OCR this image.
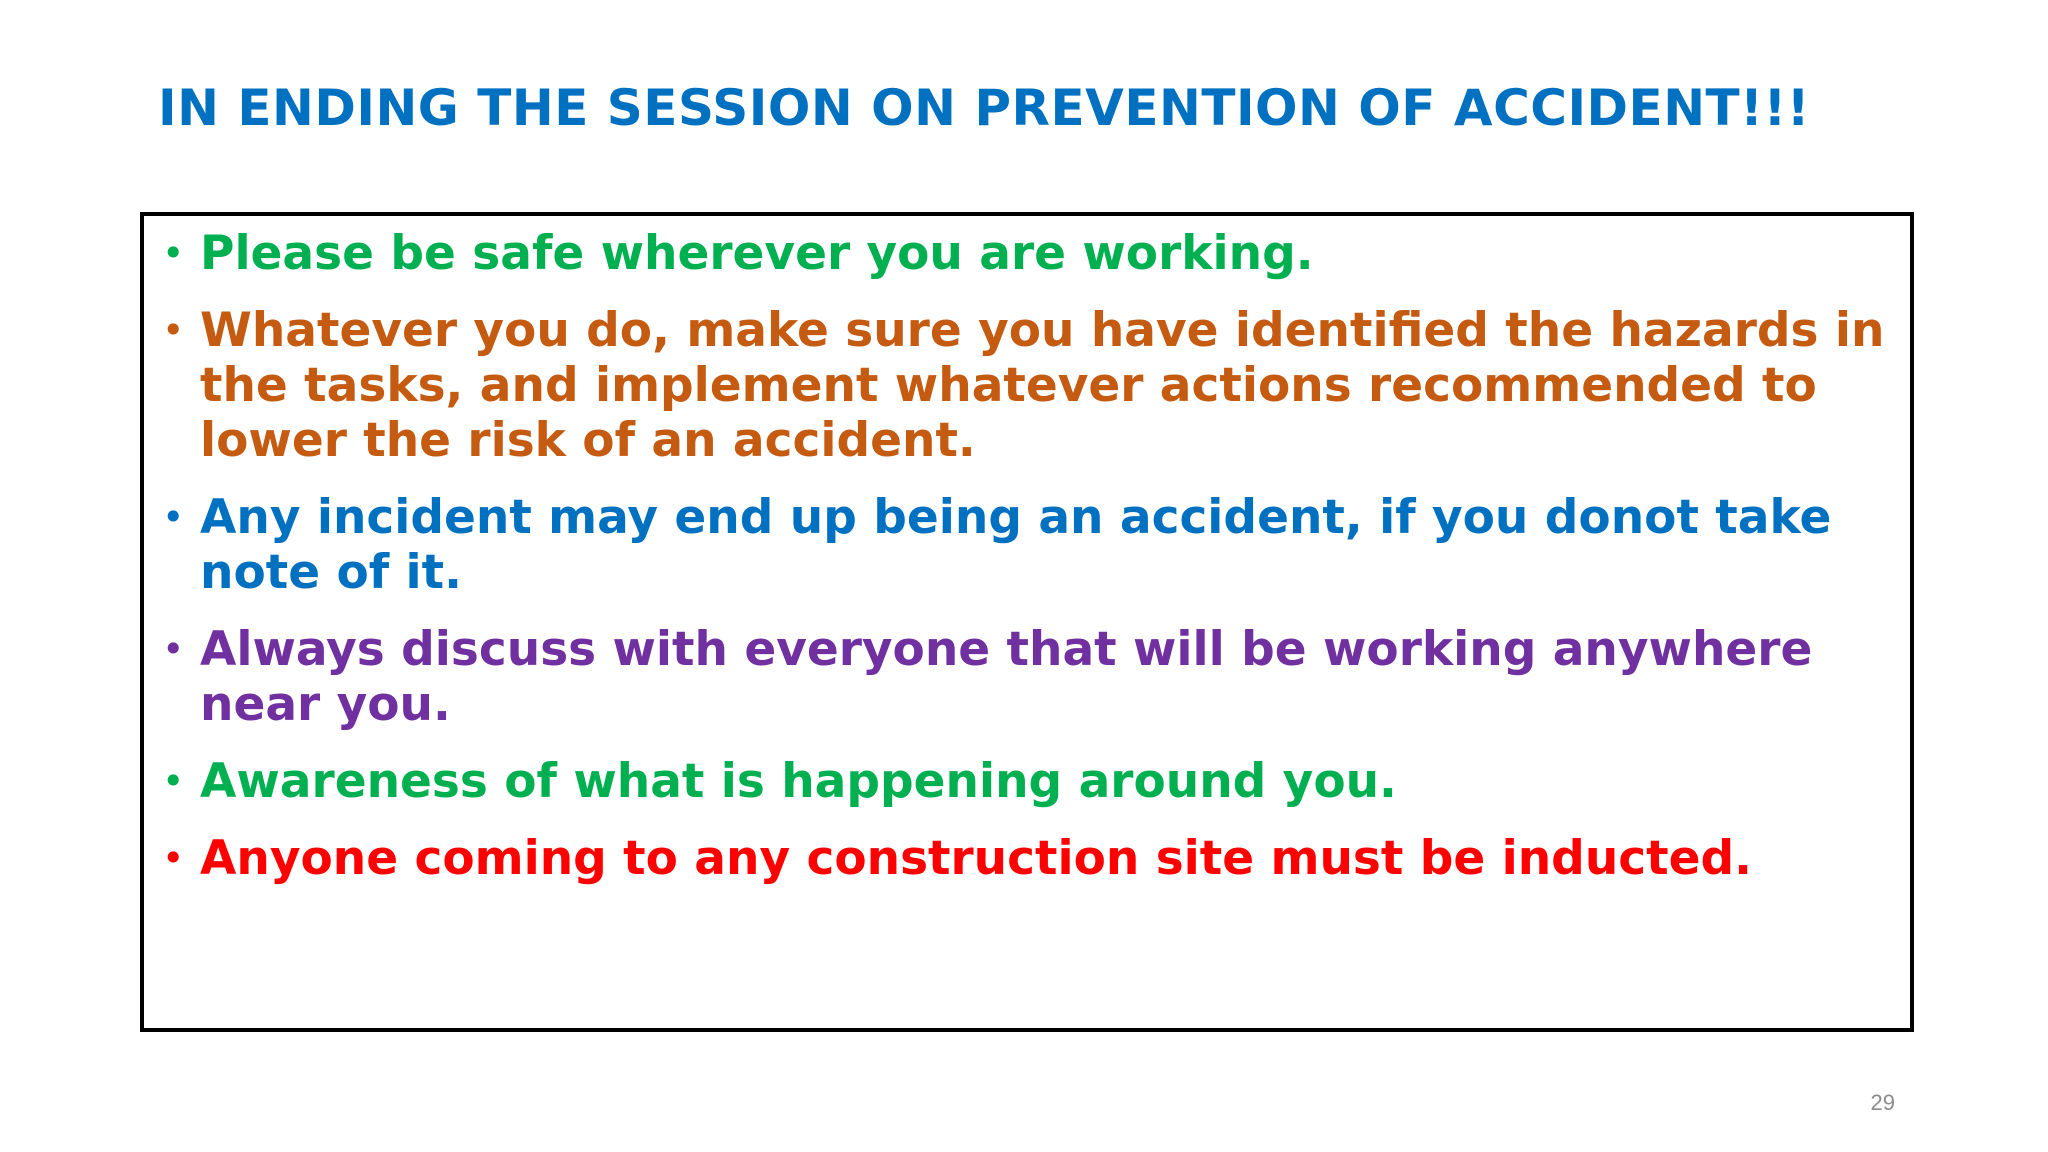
IN ENDING THE SESSION ON PREVENTION OF ACCIDENT!!!
• Please be safe wherever you are working.
• Whatever you do, make sure you have identified the hazards in the tasks, and implement whatever actions recommended to lower the risk of an accident.
• Any incident may end up being an accident, if you donot take note of it.
• Always discuss with everyone that will be working anywhere near you.
• Awareness of what is happening around you.
• Anyone coming to any construction site must be inducted.
29
